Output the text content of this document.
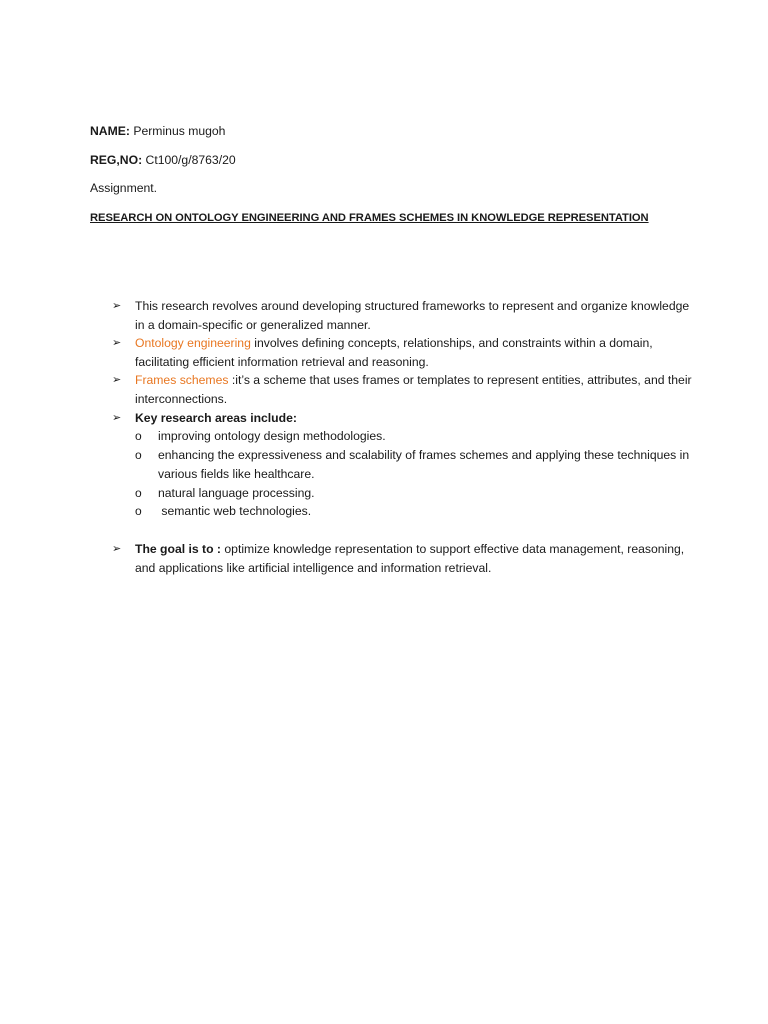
NAME: Perminus mugoh
REG,NO: Ct100/g/8763/20
Assignment.
RESEARCH ON ONTOLOGY ENGINEERING AND FRAMES SCHEMES IN KNOWLEDGE REPRESENTATION
➢ This research revolves around developing structured frameworks to represent and organize knowledge in a domain-specific or generalized manner.
➢ Ontology engineering involves defining concepts, relationships, and constraints within a domain, facilitating efficient information retrieval and reasoning.
➢ Frames schemes :it’s a scheme that uses frames or templates to represent entities, attributes, and their interconnections.
➢ Key research areas include:
o improving ontology design methodologies.
o enhancing the expressiveness and scalability of frames schemes and applying these techniques in various fields like healthcare.
o natural language processing.
o semantic web technologies.
➢ The goal is to : optimize knowledge representation to support effective data management, reasoning, and applications like artificial intelligence and information retrieval.
